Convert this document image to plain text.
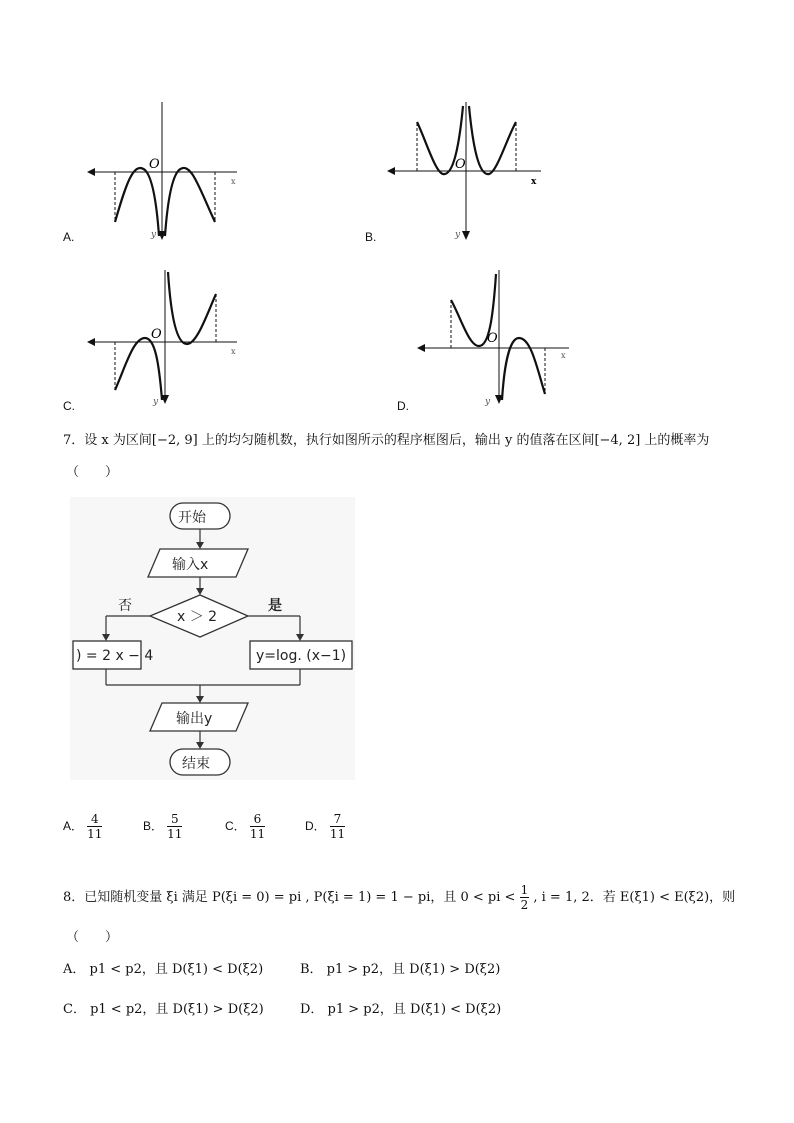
O
x
y
A.
O
x
y
B.
O
x
y
C.
O
x
y
D.
7．设 x 为区间[−2, 9] 上的均匀随机数，执行如图所示的程序框图后，输出 y 的值落在区间[−4, 2] 上的概率为
（　　）
开始
输入x
x ＞ 2
否	是
) = 2 x − 4	y=log. (x−1)
输出y
结束
A． $\frac{4}{11}$	B． $\frac{5}{11}$	C． $\frac{6}{11}$	D． $\frac{7}{11}$
8．已知随机变量 ξi 满足 P(ξi = 0) = pi , P(ξi = 1) = 1 − pi，且 0 < pi < $\frac{1}{2}$ , i = 1, 2．若 E(ξ1) < E(ξ2)，则
（　　）
A． p1 < p2，且 D(ξ1) < D(ξ2)	B． p1 > p2，且 D(ξ1) > D(ξ2)
C． p1 < p2，且 D(ξ1) > D(ξ2)	D． p1 > p2，且 D(ξ1) < D(ξ2)
